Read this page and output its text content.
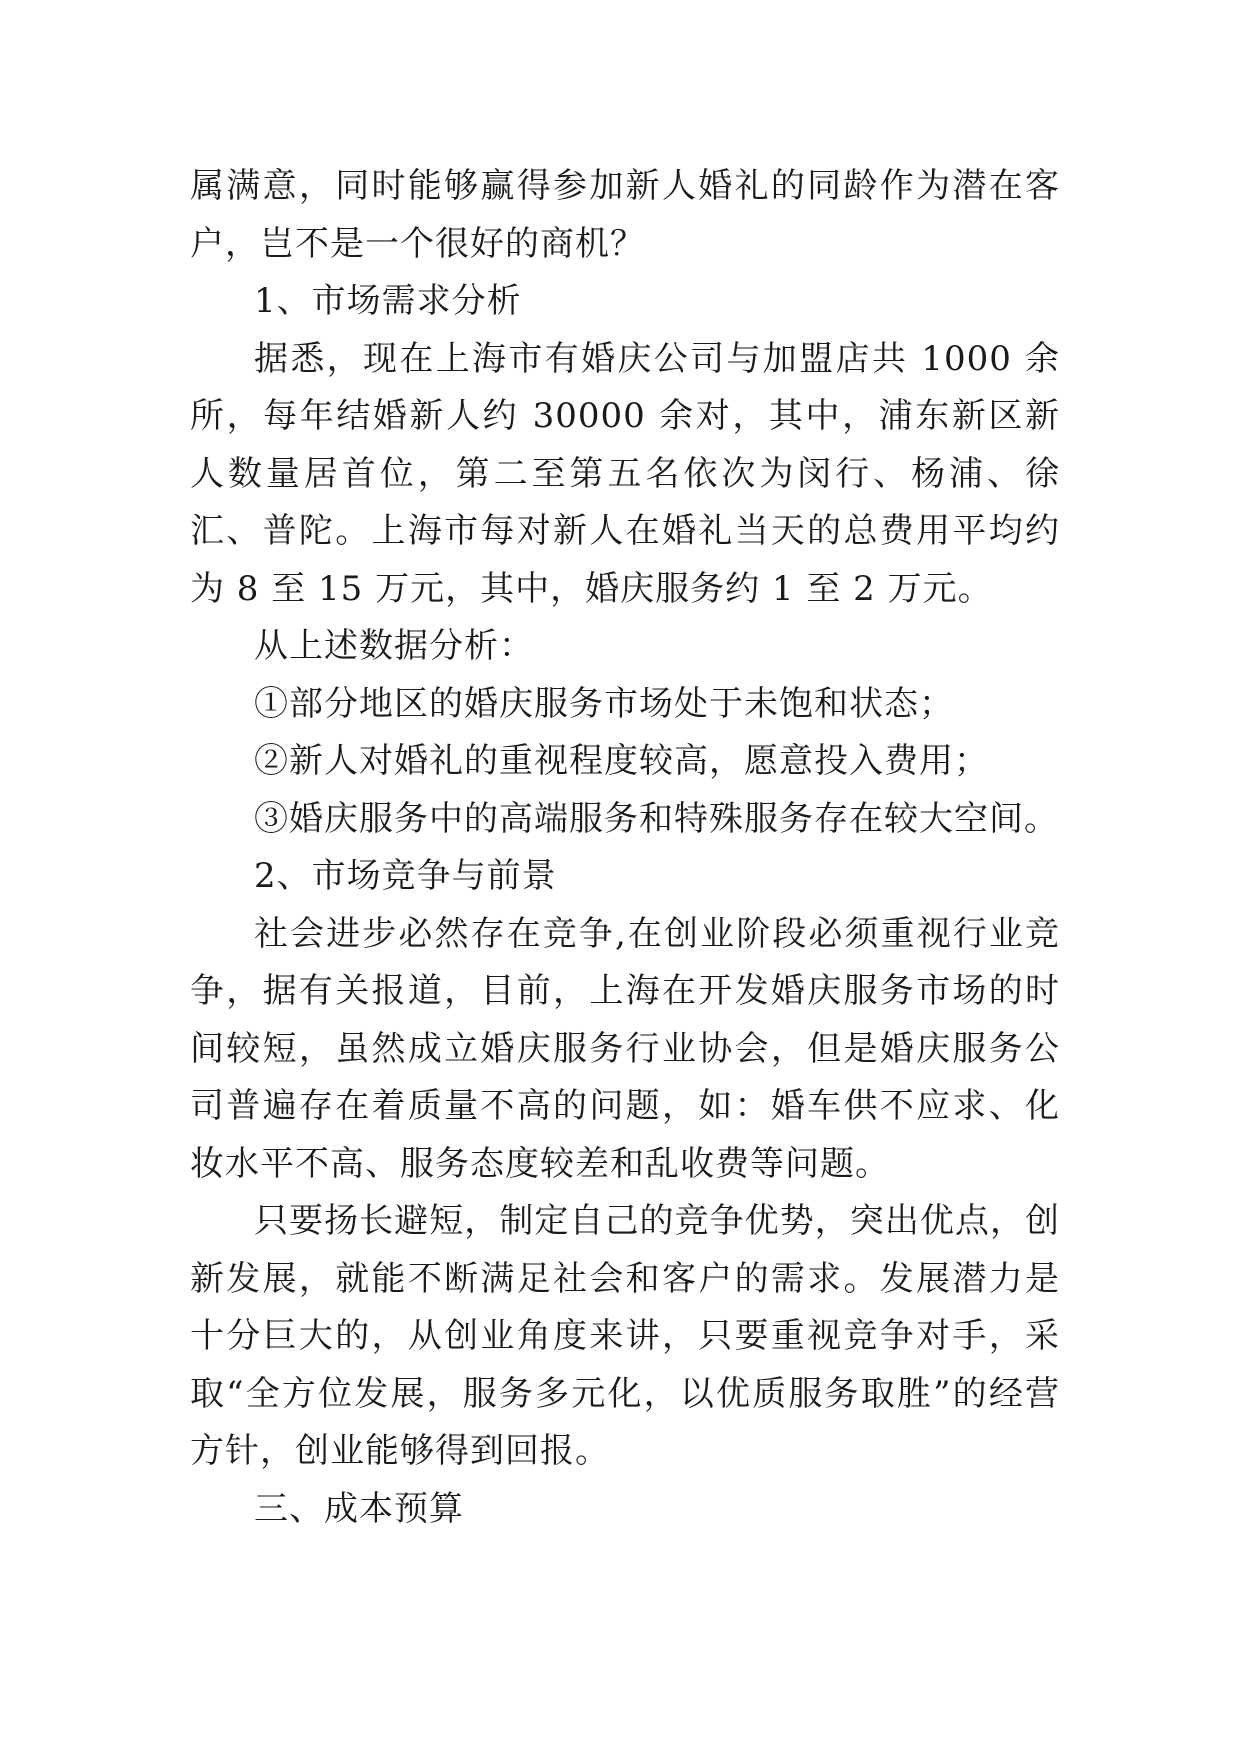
属满意，同时能够赢得参加新人婚礼的同龄作为潜在客户，岂不是一个很好的商机？

1、市场需求分析

据悉，现在上海市有婚庆公司与加盟店共 1000 余所，每年结婚新人约 30000 余对，其中，浦东新区新人数量居首位，第二至第五名依次为闵行、杨浦、徐汇、普陀。上海市每对新人在婚礼当天的总费用平均约为 8 至 15 万元，其中，婚庆服务约 1 至 2 万元。

从上述数据分析：

①部分地区的婚庆服务市场处于未饱和状态；

②新人对婚礼的重视程度较高，愿意投入费用；

③婚庆服务中的高端服务和特殊服务存在较大空间。

2、市场竞争与前景

社会进步必然存在竞争,在创业阶段必须重视行业竞争，据有关报道，目前，上海在开发婚庆服务市场的时间较短，虽然成立婚庆服务行业协会，但是婚庆服务公司普遍存在着质量不高的问题，如：婚车供不应求、化妆水平不高、服务态度较差和乱收费等问题。

只要扬长避短，制定自己的竞争优势，突出优点，创新发展，就能不断满足社会和客户的需求。发展潜力是十分巨大的，从创业角度来讲，只要重视竞争对手，采取“全方位发展，服务多元化，以优质服务取胜”的经营方针，创业能够得到回报。

三、成本预算
